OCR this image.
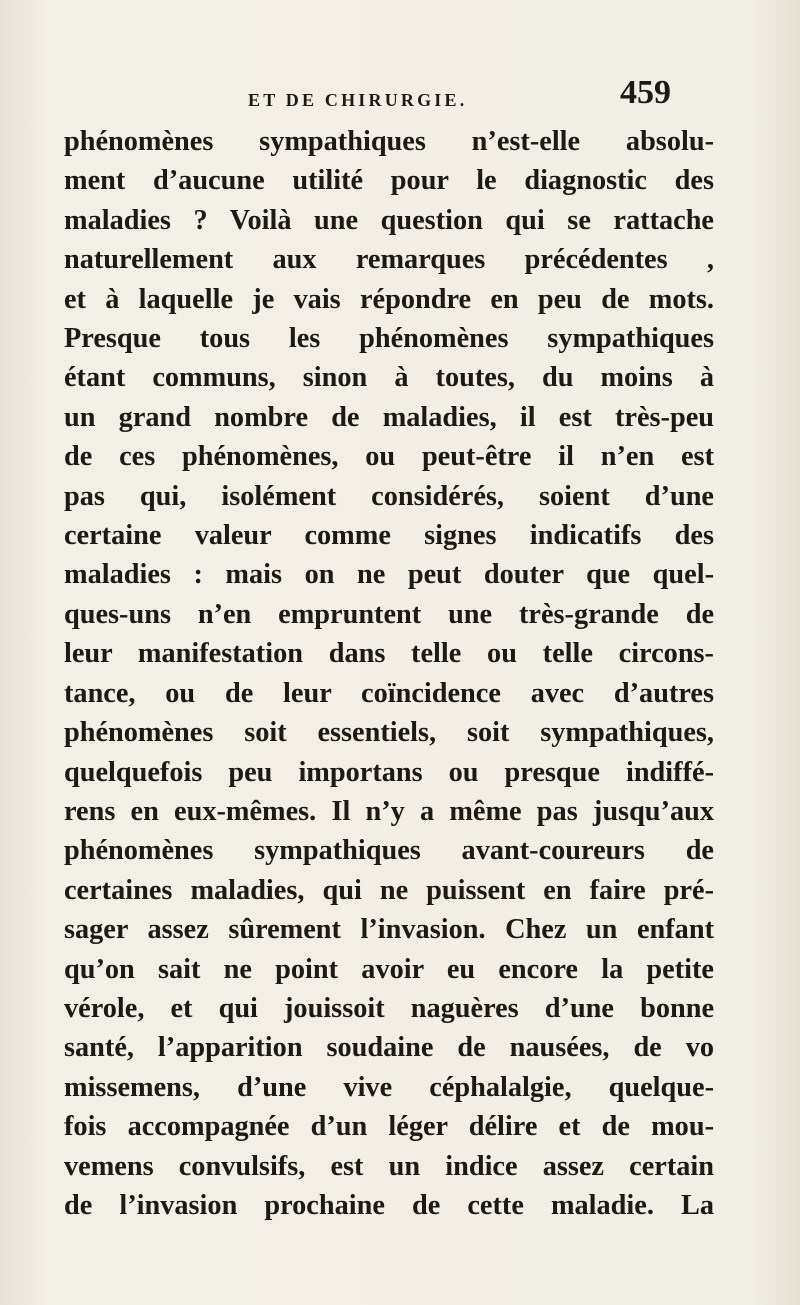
ET DE CHIRURGIE.	459
phénomènes sympathiques n’est-elle absolu-
ment d’aucune utilité pour le diagnostic des
maladies ? Voilà une question qui se rattache
naturellement aux remarques précédentes ,
et à laquelle je vais répondre en peu de mots.
Presque tous les phénomènes sympathiques
étant communs, sinon à toutes, du moins à
un grand nombre de maladies, il est très-peu
de ces phénomènes, ou peut-être il n’en est
pas qui, isolément considérés, soient d’une
certaine valeur comme signes indicatifs des
maladies : mais on ne peut douter que quel-
ques-uns n’en empruntent une très-grande de
leur manifestation dans telle ou telle circons-
tance, ou de leur coïncidence avec d’autres
phénomènes soit essentiels, soit sympathiques,
quelquefois peu importans ou presque indiffé-
rens en eux-mêmes. Il n’y a même pas jusqu’aux
phénomènes sympathiques avant-coureurs de
certaines maladies, qui ne puissent en faire pré-
sager assez sûrement l’invasion. Chez un enfant
qu’on sait ne point avoir eu encore la petite
vérole, et qui jouissoit naguères d’une bonne
santé, l’apparition soudaine de nausées, de vo
missemens, d’une vive céphalalgie, quelque-
fois accompagnée d’un léger délire et de mou-
vemens convulsifs, est un indice assez certain
de l’invasion prochaine de cette maladie. La
